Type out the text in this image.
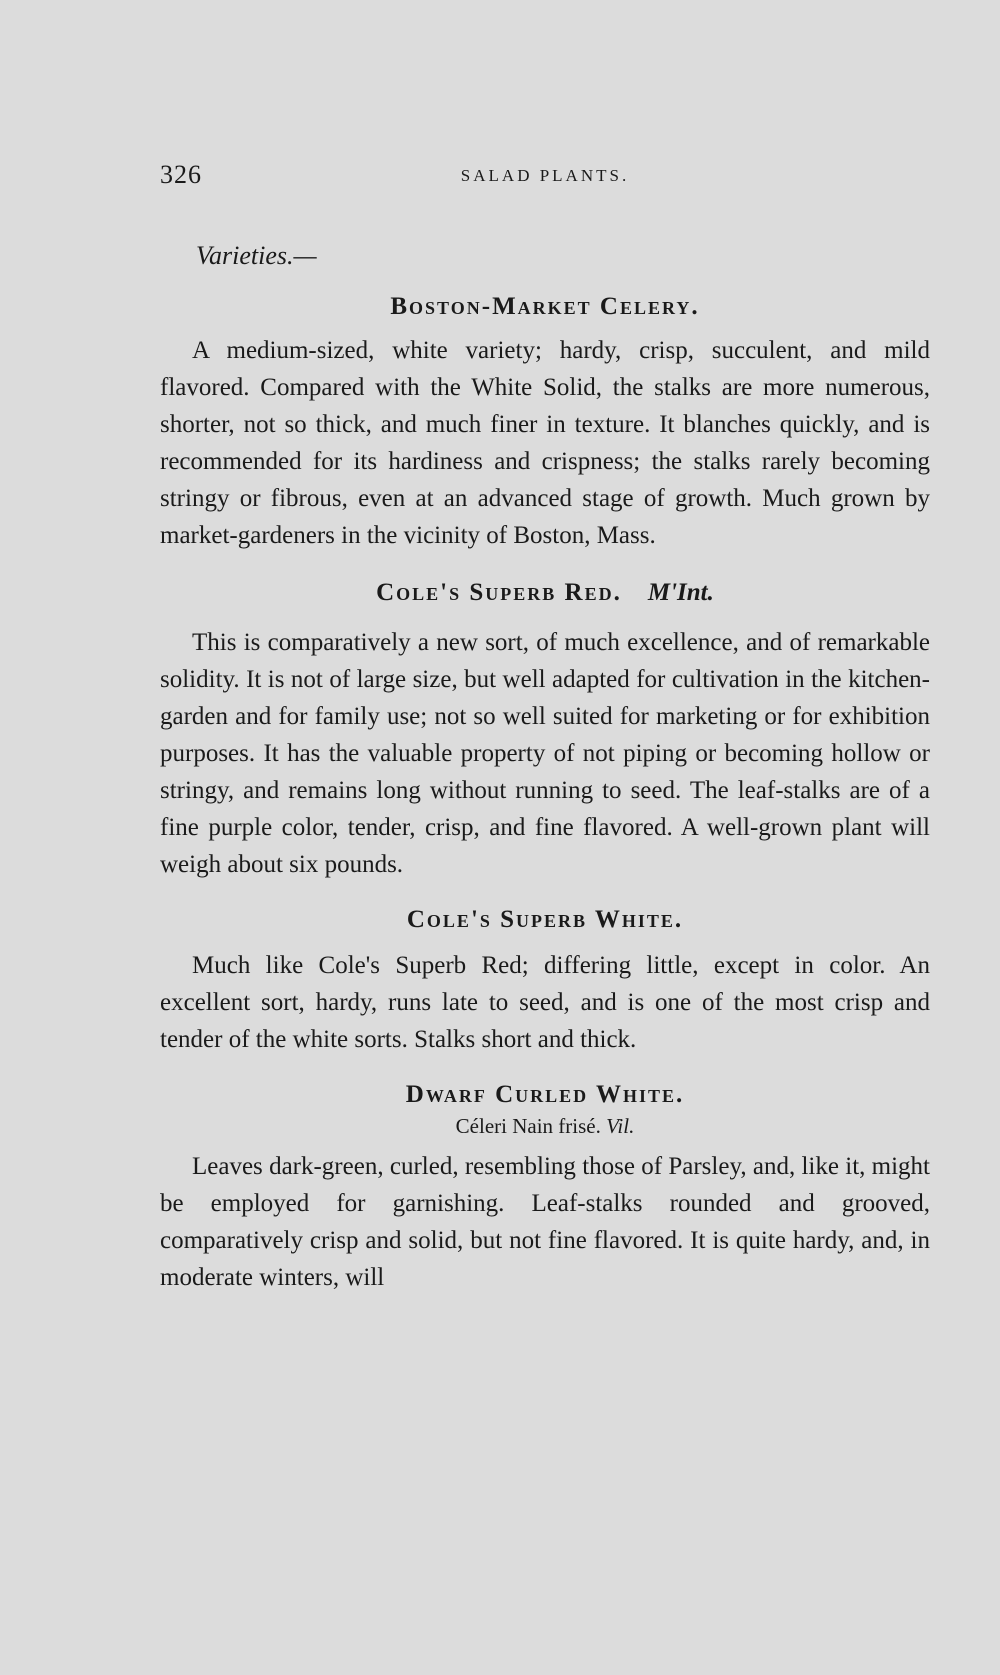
326	SALAD PLANTS.

Varieties.—

Boston-Market Celery.

A medium-sized, white variety; hardy, crisp, succulent, and mild flavored. Compared with the White Solid, the stalks are more numerous, shorter, not so thick, and much finer in texture. It blanches quickly, and is recommended for its hardiness and crispness; the stalks rarely becoming stringy or fibrous, even at an advanced stage of growth. Much grown by market-gardeners in the vicinity of Boston, Mass.

Cole's Superb Red. M'Int.

This is comparatively a new sort, of much excellence, and of remarkable solidity. It is not of large size, but well adapted for cultivation in the kitchen-garden and for family use; not so well suited for marketing or for exhibition purposes. It has the valuable property of not piping or becoming hollow or stringy, and remains long without running to seed. The leaf-stalks are of a fine purple color, tender, crisp, and fine flavored. A well-grown plant will weigh about six pounds.

Cole's Superb White.

Much like Cole's Superb Red; differing little, except in color. An excellent sort, hardy, runs late to seed, and is one of the most crisp and tender of the white sorts. Stalks short and thick.

Dwarf Curled White.

Céleri Nain frisé. Vil.

Leaves dark-green, curled, resembling those of Parsley, and, like it, might be employed for garnishing. Leaf-stalks rounded and grooved, comparatively crisp and solid, but not fine flavored. It is quite hardy, and, in moderate winters, will
